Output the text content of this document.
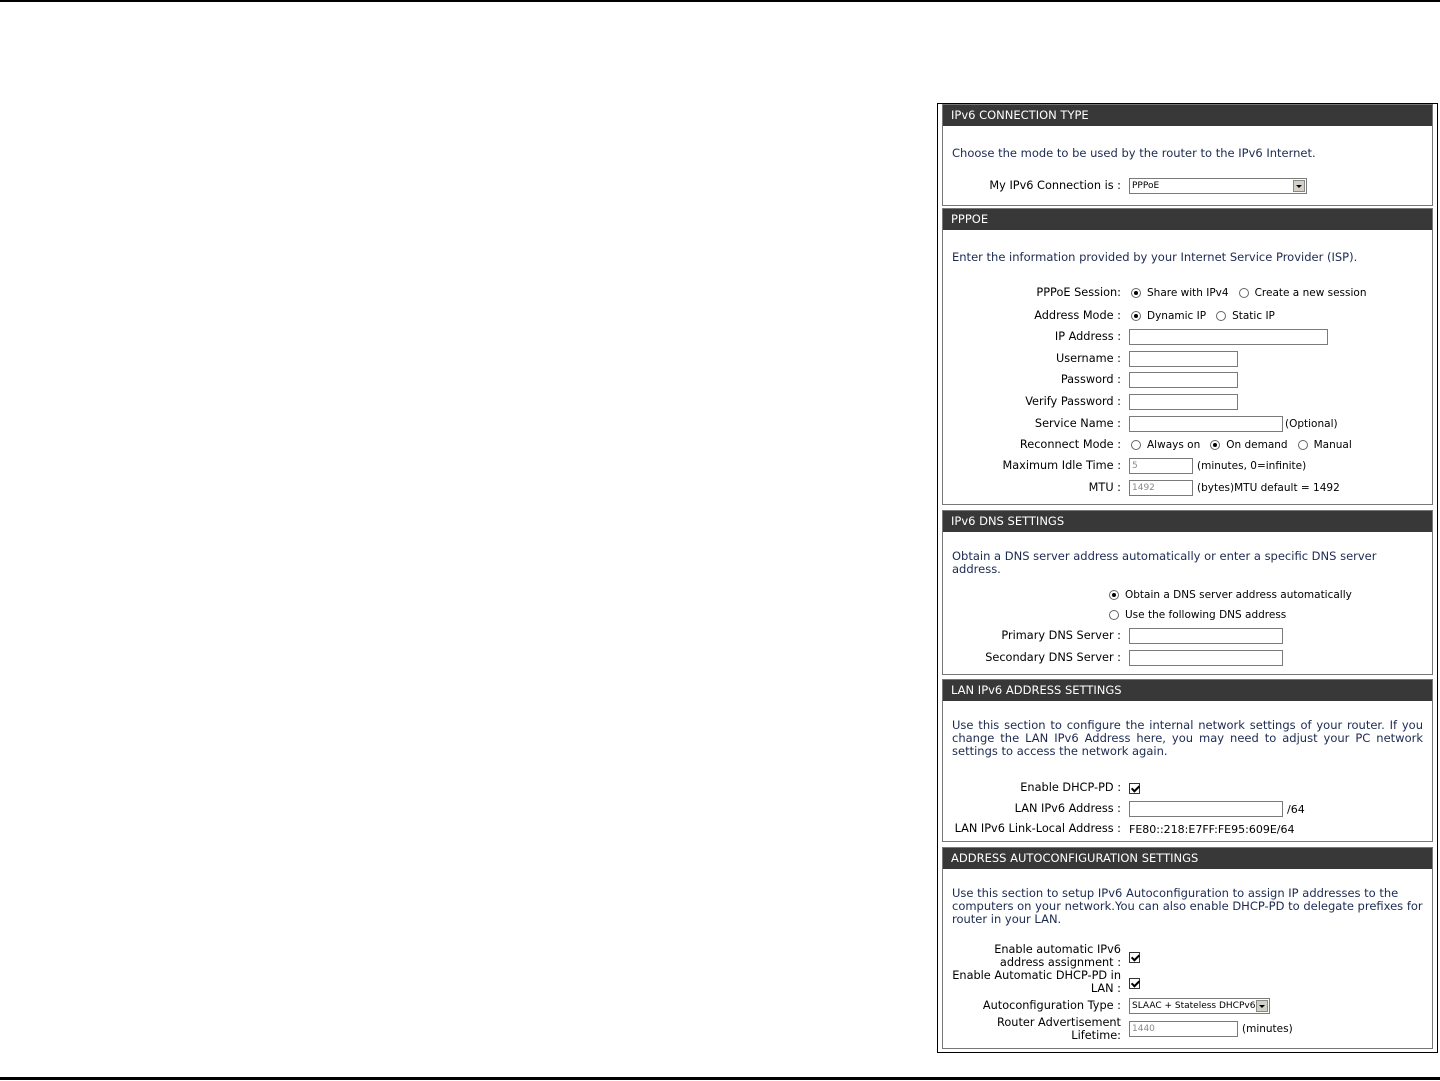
IPv6 CONNECTION TYPE
Choose the mode to be used by the router to the IPv6 Internet.
My IPv6 Connection is :	PPPoE
PPPOE
Enter the information provided by your Internet Service Provider (ISP).
PPPoE Session: Share with IPv4 Create a new session
Address Mode : Dynamic IP Static IP
IP Address :
Username :
Password :
Verify Password :
Service Name :	(Optional)
Reconnect Mode : Always on On demand Manual
Maximum Idle Time :	5	(minutes, 0=infinite)
MTU :	1492	(bytes)MTU default = 1492
IPv6 DNS SETTINGS
Obtain a DNS server address automatically or enter a specific DNS server address.
Obtain a DNS server address automatically
Use the following DNS address
Primary DNS Server :
Secondary DNS Server :
LAN IPv6 ADDRESS SETTINGS
Use this section to configure the internal network settings of your router. If you change the LAN IPv6 Address here, you may need to adjust your PC network settings to access the network again.
Enable DHCP-PD :
LAN IPv6 Address :	/64
LAN IPv6 Link-Local Address : FE80::218:E7FF:FE95:609E/64
ADDRESS AUTOCONFIGURATION SETTINGS
Use this section to setup IPv6 Autoconfiguration to assign IP addresses to the computers on your network.You can also enable DHCP-PD to delegate prefixes for router in your LAN.
Enable automatic IPv6
address assignment :
Enable Automatic DHCP-PD in
LAN :
Autoconfiguration Type :	SLAAC + Stateless DHCPv6
Router Advertisement
Lifetime:	1440	(minutes)
